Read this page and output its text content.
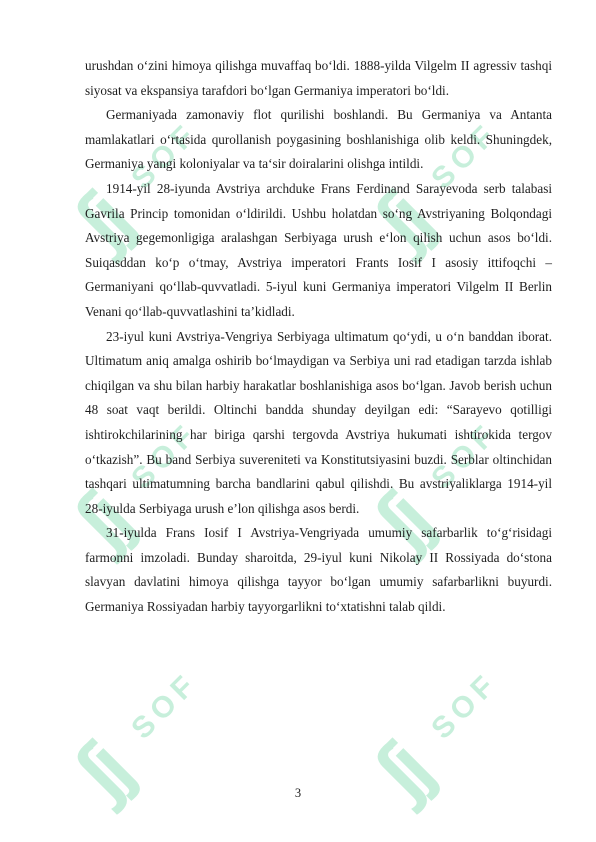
ʃj
SOF
ʃj
SOF
ʃj
SOF
ʃj
SOF
ʃj
SOF
ʃj
SOF

urushdan o‘zini himoya qilishga muvaffaq bo‘ldi. 1888-yilda Vilgelm II agressiv tashqi siyosat va ekspansiya tarafdori bo‘lgan Germaniya imperatori bo‘ldi.

Germaniyada zamonaviy flot qurilishi boshlandi. Bu Germaniya va Antanta mamlakatlari o‘rtasida qurollanish poygasining boshlanishiga olib keldi. Shuningdek, Germaniya yangi koloniyalar va ta‘sir doiralarini olishga intildi.

1914-yil 28-iyunda Avstriya archduke Frans Ferdinand Sarayevoda serb talabasi Gavrila Princip tomonidan o‘ldirildi. Ushbu holatdan so‘ng Avstriyaning Bolqondagi Avstriya gegemonligiga aralashgan Serbiyaga urush e‘lon qilish uchun asos bo‘ldi. Suiqasddan ko‘p o‘tmay, Avstriya imperatori Frants Iosif I asosiy ittifoqchi – Germaniyani qo‘llab-quvvatladi. 5-iyul kuni Germaniya imperatori Vilgelm II Berlin Venani qo‘llab-quvvatlashini ta’kidladi.

23-iyul kuni Avstriya-Vengriya Serbiyaga ultimatum qo‘ydi, u o‘n banddan iborat. Ultimatum aniq amalga oshirib bo‘lmaydigan va Serbiya uni rad etadigan tarzda ishlab chiqilgan va shu bilan harbiy harakatlar boshlanishiga asos bo‘lgan. Javob berish uchun 48 soat vaqt berildi. Oltinchi bandda shunday deyilgan edi: “Sarayevo qotilligi ishtirokchilarining har biriga qarshi tergovda Avstriya hukumati ishtirokida tergov o‘tkazish”. Bu band Serbiya suvereniteti va Konstitutsiyasini buzdi. Serblar oltinchidan tashqari ultimatumning barcha bandlarini qabul qilishdi. Bu avstriyaliklarga 1914-yil 28-iyulda Serbiyaga urush e’lon qilishga asos berdi.

31-iyulda Frans Iosif I Avstriya-Vengriyada umumiy safarbarlik to‘g‘risidagi farmonni imzoladi. Bunday sharoitda, 29-iyul kuni Nikolay II Rossiyada do‘stona slavyan davlatini himoya qilishga tayyor bo‘lgan umumiy safarbarlikni buyurdi. Germaniya Rossiyadan harbiy tayyorgarlikni to‘xtatishni talab qildi.

3
